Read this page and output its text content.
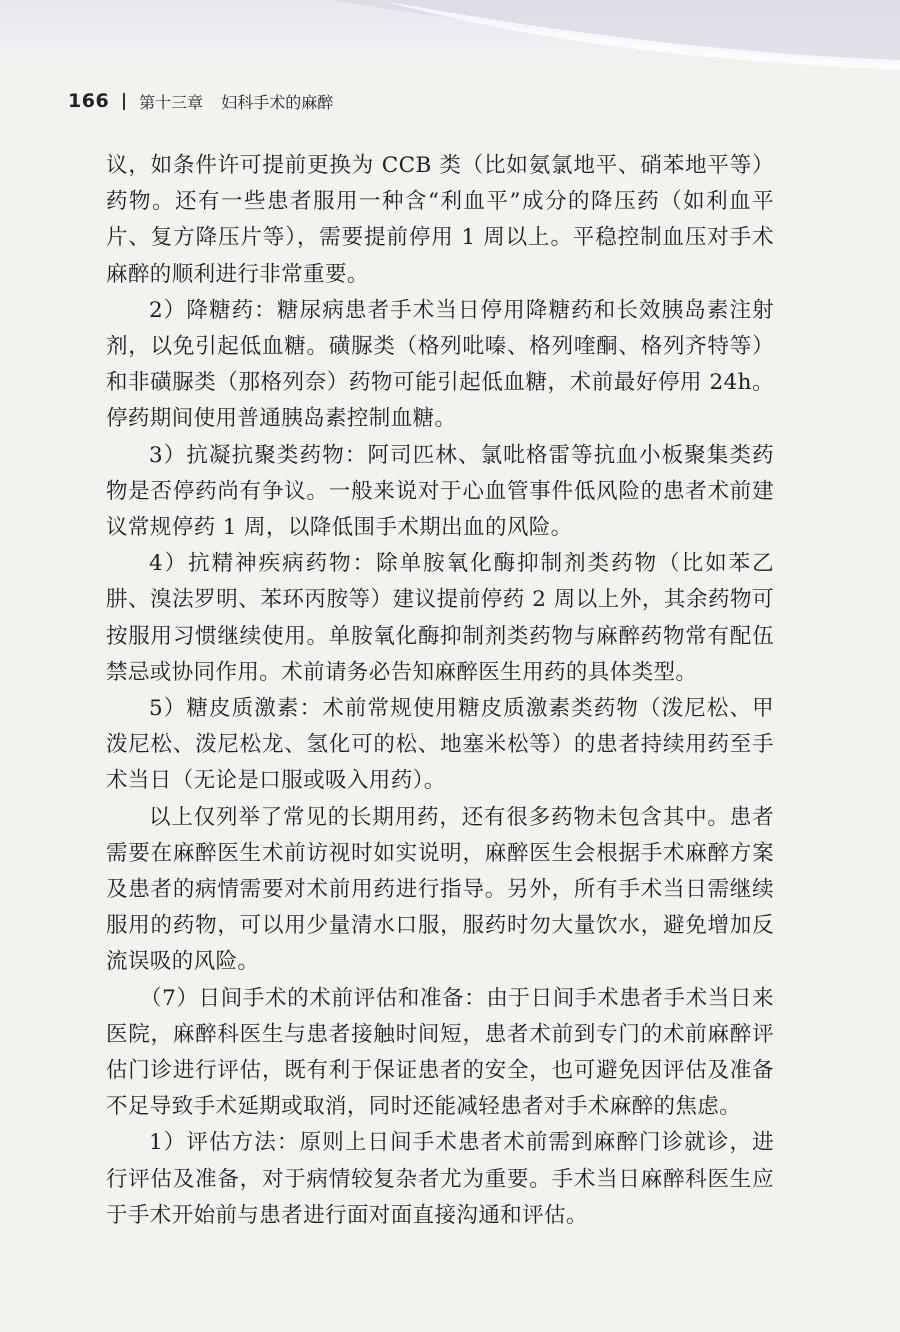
166 第十三章 妇科手术的麻醉

议，如条件许可提前更换为 CCB 类（比如氨氯地平、硝苯地平等）药物。还有一些患者服用一种含“利血平”成分的降压药（如利血平片、复方降压片等），需要提前停用 1 周以上。平稳控制血压对手术麻醉的顺利进行非常重要。

2）降糖药：糖尿病患者手术当日停用降糖药和长效胰岛素注射剂，以免引起低血糖。磺脲类（格列吡嗪、格列喹酮、格列齐特等）和非磺脲类（那格列奈）药物可能引起低血糖，术前最好停用 24h。停药期间使用普通胰岛素控制血糖。

3）抗凝抗聚类药物：阿司匹林、氯吡格雷等抗血小板聚集类药物是否停药尚有争议。一般来说对于心血管事件低风险的患者术前建议常规停药 1 周，以降低围手术期出血的风险。

4）抗精神疾病药物：除单胺氧化酶抑制剂类药物（比如苯乙肼、溴法罗明、苯环丙胺等）建议提前停药 2 周以上外，其余药物可按服用习惯继续使用。单胺氧化酶抑制剂类药物与麻醉药物常有配伍禁忌或协同作用。术前请务必告知麻醉医生用药的具体类型。

5）糖皮质激素：术前常规使用糖皮质激素类药物（泼尼松、甲泼尼松、泼尼松龙、氢化可的松、地塞米松等）的患者持续用药至手术当日（无论是口服或吸入用药）。

以上仅列举了常见的长期用药，还有很多药物未包含其中。患者需要在麻醉医生术前访视时如实说明，麻醉医生会根据手术麻醉方案及患者的病情需要对术前用药进行指导。另外，所有手术当日需继续服用的药物，可以用少量清水口服，服药时勿大量饮水，避免增加反流误吸的风险。

（7）日间手术的术前评估和准备：由于日间手术患者手术当日来医院，麻醉科医生与患者接触时间短，患者术前到专门的术前麻醉评估门诊进行评估，既有利于保证患者的安全，也可避免因评估及准备不足导致手术延期或取消，同时还能减轻患者对手术麻醉的焦虑。

1）评估方法：原则上日间手术患者术前需到麻醉门诊就诊，进行评估及准备，对于病情较复杂者尤为重要。手术当日麻醉科医生应于手术开始前与患者进行面对面直接沟通和评估。
